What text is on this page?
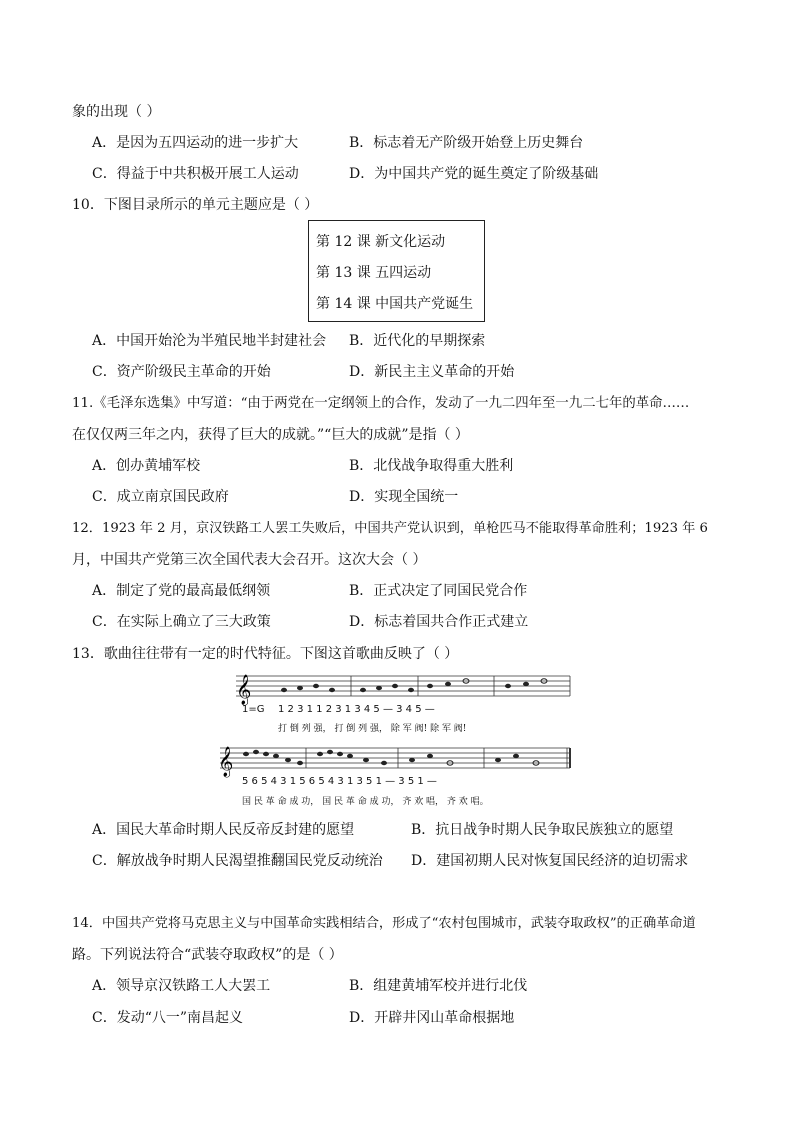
象的出现（ ）
A．是因为五四运动的进一步扩大	B．标志着无产阶级开始登上历史舞台
C．得益于中共积极开展工人运动	D．为中国共产党的诞生奠定了阶级基础
10．下图目录所示的单元主题应是（ ）
第 12 课 新文化运动
第 13 课 五四运动
第 14 课 中国共产党诞生
A．中国开始沦为半殖民地半封建社会 B．近代化的早期探索
C．资产阶级民主革命的开始	D．新民主主义革命的开始
11.《毛泽东选集》中写道：“由于两党在一定纲领上的合作，发动了一九二四年至一九二七年的革命……
在仅仅两三年之内，获得了巨大的成就。”“巨大的成就”是指（ ）
A．创办黄埔军校	B．北伐战争取得重大胜利
C．成立南京国民政府	D．实现全国统一
12．1923 年 2 月，京汉铁路工人罢工失败后，中国共产党认识到，单枪匹马不能取得革命胜利；1923 年 6
月，中国共产党第三次全国代表大会召开。这次大会（ ）
A．制定了党的最高最低纲领	B．正式决定了同国民党合作
C．在实际上确立了三大政策	D．标志着国共合作正式建立
13．歌曲往往带有一定的时代特征。下图这首歌曲反映了（ ）
𝄞
𝄞
1=G 1 2 3 1 1 2 3 1 3 4 5 — 3 4 5 —
打 倒 列 强， 打 倒 列 强， 除 军 阀! 除 军 阀!
5 6 5 4 3 1 5 6 5 4 3 1 3 5 1 — 3 5 1 —
国 民 革 命 成 功， 国 民 革 命 成 功， 齐 欢 唱， 齐 欢 唱。
A．国民大革命时期人民反帝反封建的愿望	B．抗日战争时期人民争取民族独立的愿望
C．解放战争时期人民渴望推翻国民党反动统治 D．建国初期人民对恢复国民经济的迫切需求
14．中国共产党将马克思主义与中国革命实践相结合，形成了“农村包围城市，武装夺取政权”的正确革命道
路。下列说法符合“武装夺取政权”的是（ ）
A．领导京汉铁路工人大罢工	B．组建黄埔军校并进行北伐
C．发动“八一”南昌起义	D．开辟井冈山革命根据地
